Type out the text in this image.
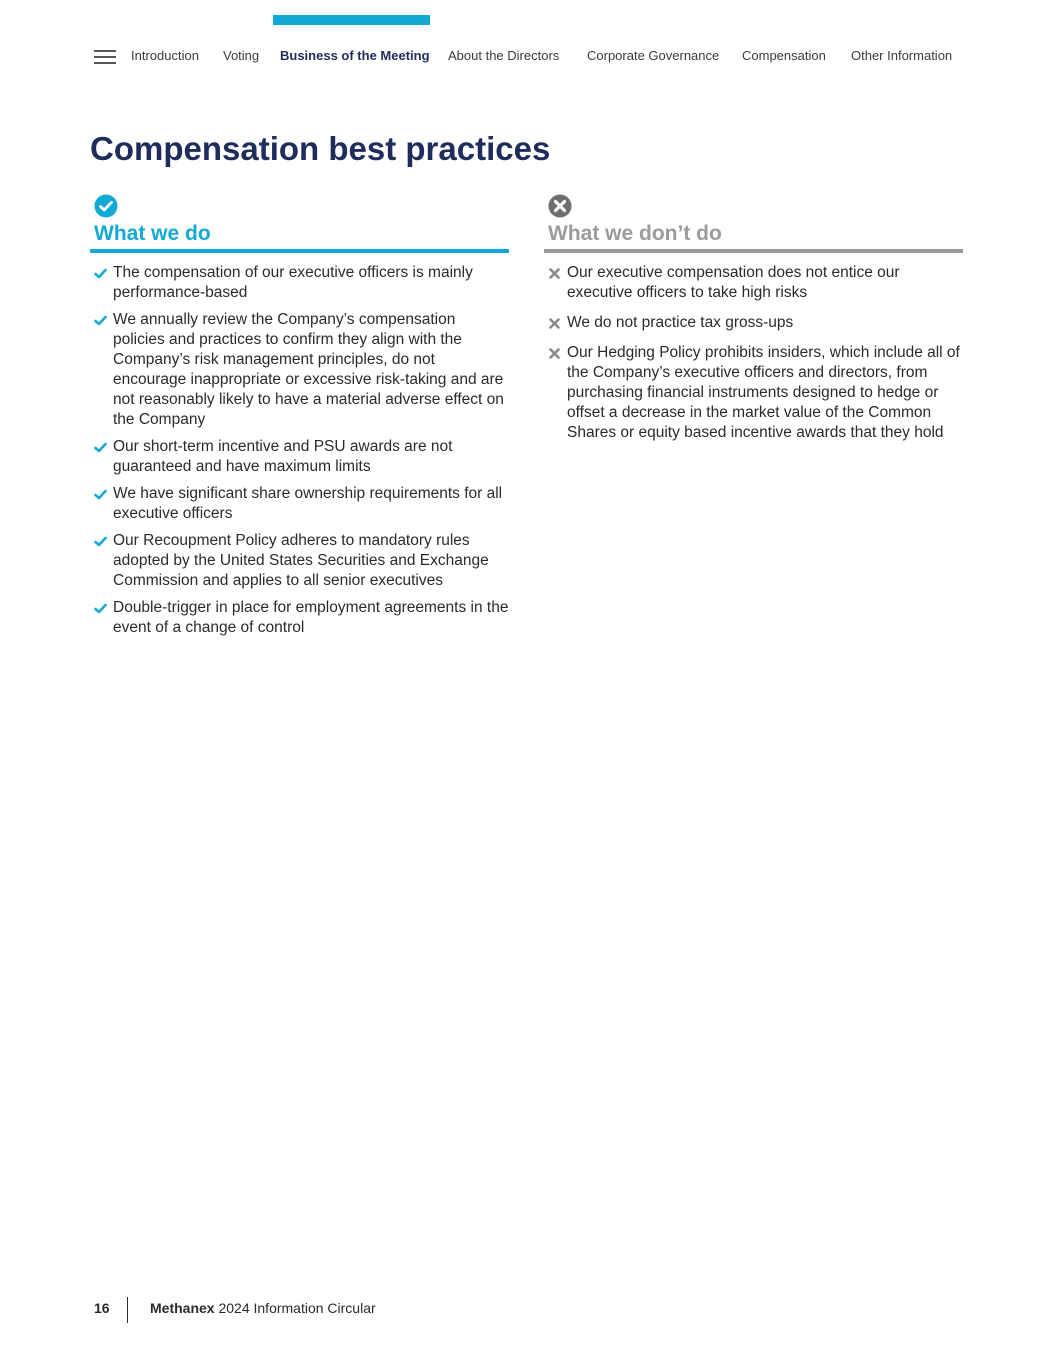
Introduction Voting Business of the Meeting About the Directors Corporate Governance Compensation Other Information
Compensation best practices
What we do
The compensation of our executive officers is mainly performance-based
We annually review the Company’s compensation policies and practices to confirm they align with the Company’s risk management principles, do not encourage inappropriate or excessive risk-taking and are not reasonably likely to have a material adverse effect on the Company
Our short-term incentive and PSU awards are not guaranteed and have maximum limits
We have significant share ownership requirements for all executive officers
Our Recoupment Policy adheres to mandatory rules adopted by the United States Securities and Exchange Commission and applies to all senior executives
Double-trigger in place for employment agreements in the event of a change of control
What we don’t do
Our executive compensation does not entice our executive officers to take high risks
We do not practice tax gross-ups
Our Hedging Policy prohibits insiders, which include all of the Company’s executive officers and directors, from purchasing financial instruments designed to hedge or offset a decrease in the market value of the Common Shares or equity based incentive awards that they hold
16	Methanex 2024 Information Circular
